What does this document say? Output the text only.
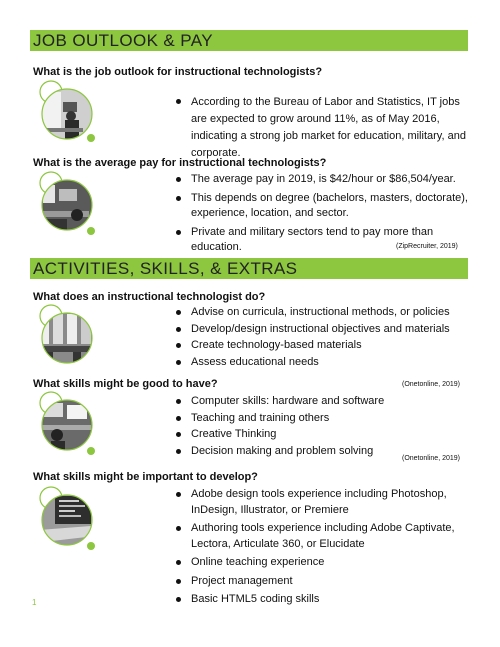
JOB OUTLOOK & PAY
ACTIVITIES, SKILLS, & EXTRAS
What is the job outlook for instructional technologists?
According to the Bureau of Labor and Statistics, IT jobs are expected to grow around 11%, as of May 2016, indicating a strong job market for education, military, and corporate.
What is the average pay for instructional technologists?
The average pay in 2019, is $42/hour or $86,504/year.
This depends on degree (bachelors, masters, doctorate), experience, location, and sector.
Private and military sectors tend to pay more than education.	(ZipRecruiter, 2019)
What does an instructional technologist do?
Advise on curricula, instructional methods, or policies
Develop/design instructional objectives and materials
Create technology-based materials
Assess educational needs
(Onetonline, 2019)
What skills might be good to have?
Computer skills: hardware and software
Teaching and training others
Creative Thinking
Decision making and problem solving
(Onetonline, 2019)
What skills might be important to develop?
Adobe design tools experience including Photoshop, InDesign, Illustrator, or Premiere
Authoring tools experience including Adobe Captivate, Lectora, Articulate 360, or Elucidate
Online teaching experience
Project management
Basic HTML5 coding skills
1
